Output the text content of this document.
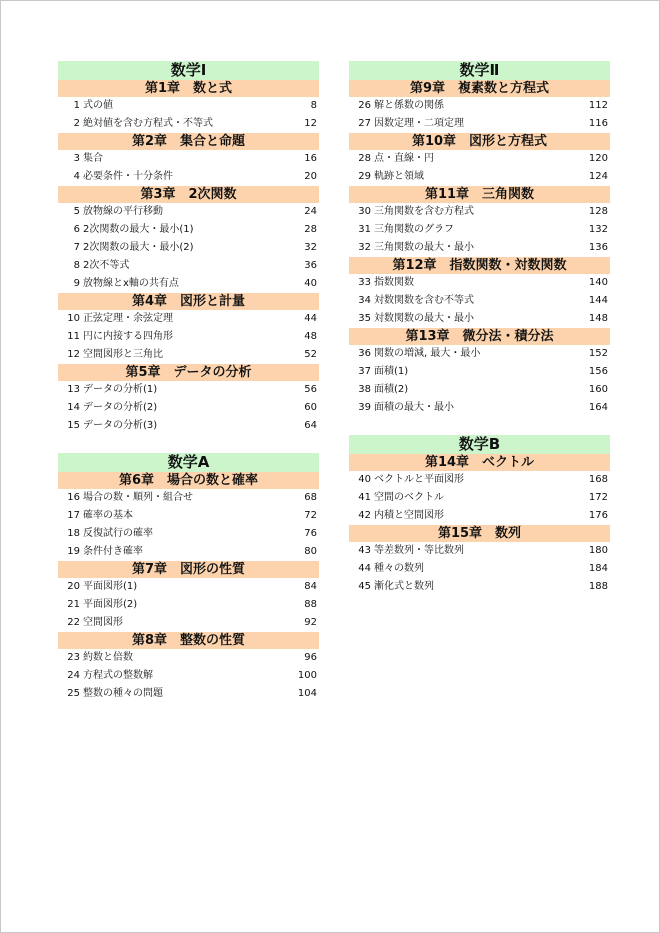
数学Ⅰ
第1章　数と式
1 式の値	8
2 絶対値を含む方程式・不等式	12
第2章　集合と命題
3 集合	16
4 必要条件・十分条件	20
第3章　2次関数
5 放物線の平行移動	24
6 2次関数の最大・最小(1)	28
7 2次関数の最大・最小(2)	32
8 2次不等式	36
9 放物線とx軸の共有点	40
第4章　図形と計量
10 正弦定理・余弦定理	44
11 円に内接する四角形	48
12 空間図形と三角比	52
第5章　データの分析
13 データの分析(1)	56
14 データの分析(2)	60
15 データの分析(3)	64
数学A
第6章　場合の数と確率
16 場合の数・順列・組合せ	68
17 確率の基本	72
18 反復試行の確率	76
19 条件付き確率	80
第7章　図形の性質
20 平面図形(1)	84
21 平面図形(2)	88
22 空間図形	92
第8章　整数の性質
23 約数と倍数	96
24 方程式の整数解	100
25 整数の種々の問題	104
数学Ⅱ
第9章　複素数と方程式
26 解と係数の関係	112
27 因数定理・二項定理	116
第10章　図形と方程式
28 点・直線・円	120
29 軌跡と領域	124
第11章　三角関数
30 三角関数を含む方程式	128
31 三角関数のグラフ	132
32 三角関数の最大・最小	136
第12章　指数関数・対数関数
33 指数関数	140
34 対数関数を含む不等式	144
35 対数関数の最大・最小	148
第13章　微分法・積分法
36 関数の増減, 最大・最小	152
37 面積(1)	156
38 面積(2)	160
39 面積の最大・最小	164
数学B
第14章　ベクトル
40 ベクトルと平面図形	168
41 空間のベクトル	172
42 内積と空間図形	176
第15章　数列
43 等差数列・等比数列	180
44 種々の数列	184
45 漸化式と数列	188
